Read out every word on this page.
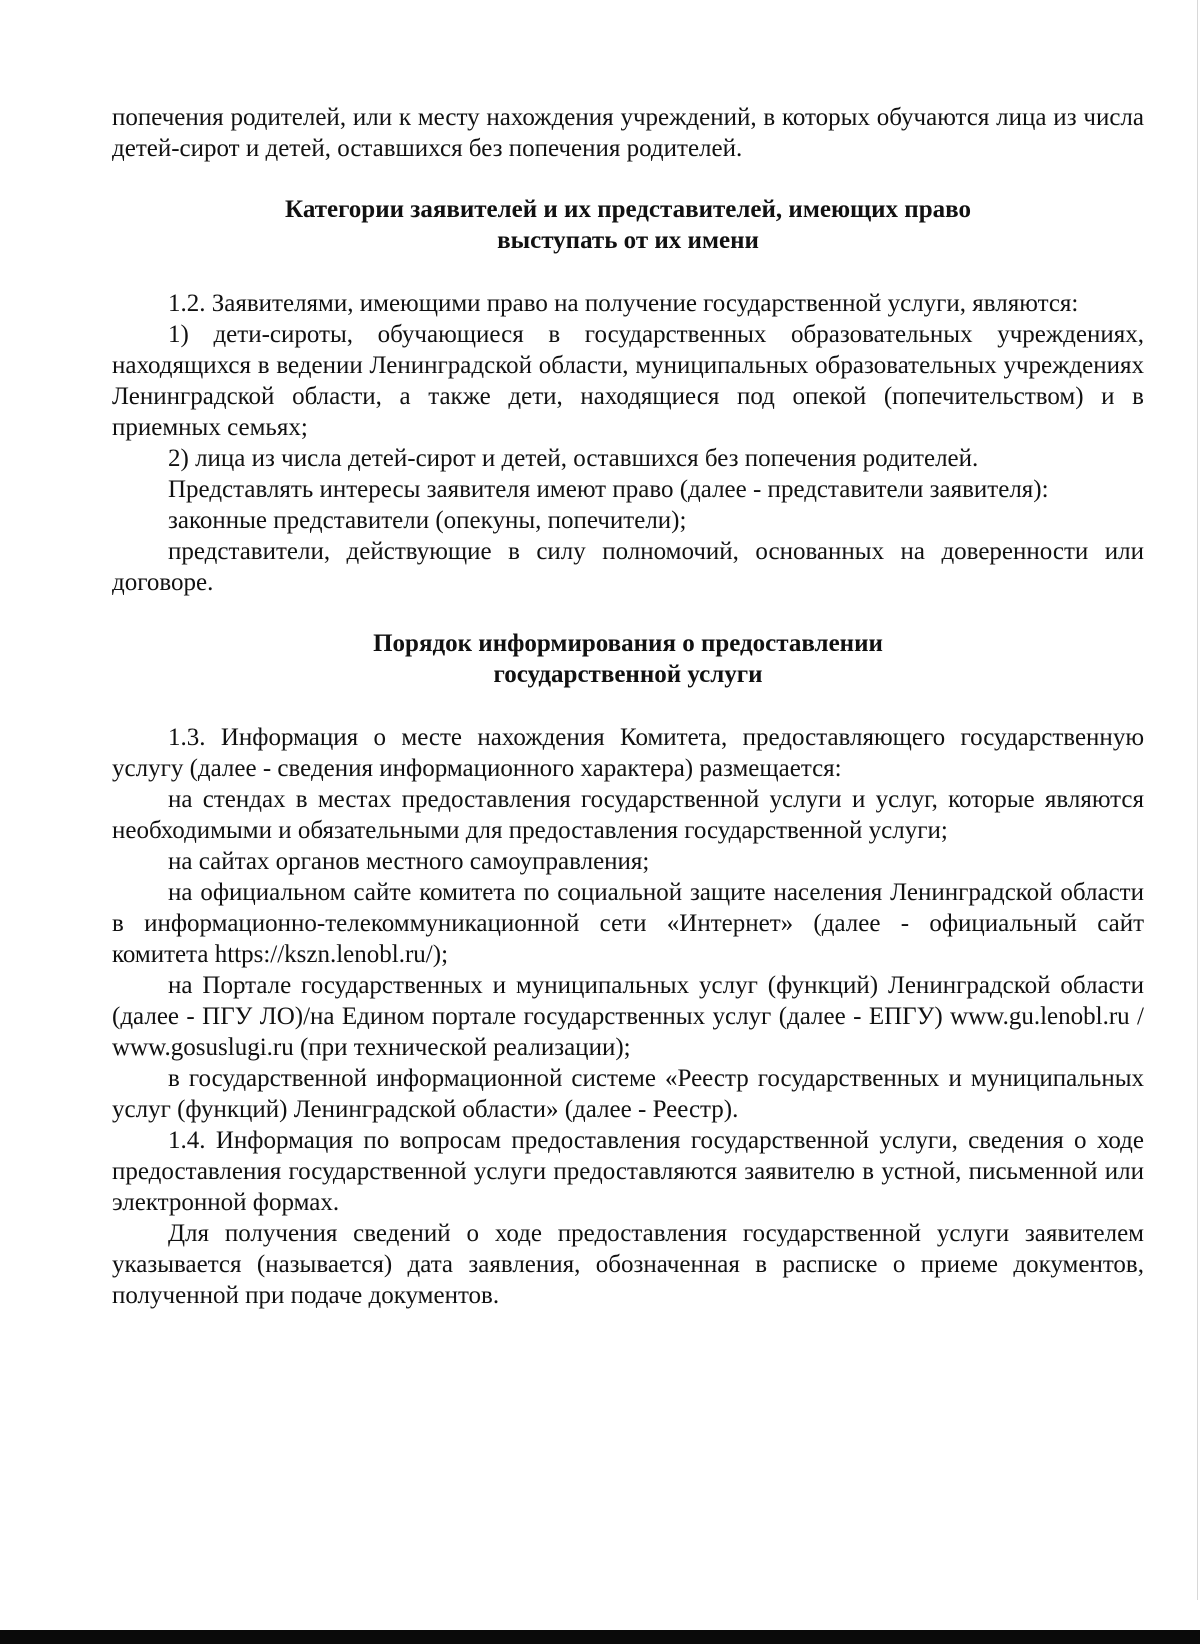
попечения родителей, или к месту нахождения учреждений, в которых обучаются лица из числа детей-сирот и детей, оставшихся без попечения родителей.

Категории заявителей и их представителей, имеющих право
выступать от их имени

1.2. Заявителями, имеющими право на получение государственной услуги, являются:

1) дети-сироты, обучающиеся в государственных образовательных учреждениях, находящихся в ведении Ленинградской области, муниципальных образовательных учреждениях Ленинградской области, а также дети, находящиеся под опекой (попечительством) и в приемных семьях;

2) лица из числа детей-сирот и детей, оставшихся без попечения родителей.

Представлять интересы заявителя имеют право (далее - представители заявителя):

законные представители (опекуны, попечители);

представители, действующие в силу полномочий, основанных на доверенности или договоре.

Порядок информирования о предоставлении
государственной услуги

1.3. Информация о месте нахождения Комитета, предоставляющего государственную услугу (далее - сведения информационного характера) размещается:

на стендах в местах предоставления государственной услуги и услуг, которые являются необходимыми и обязательными для предоставления государственной услуги;

на сайтах органов местного самоуправления;

на официальном сайте комитета по социальной защите населения Ленинградской области в информационно-телекоммуникационной сети «Интернет» (далее - официальный сайт комитета https://kszn.lenobl.ru/);

на Портале государственных и муниципальных услуг (функций) Ленинградской области (далее - ПГУ ЛО)/на Едином портале государственных услуг (далее - ЕПГУ) www.gu.lenobl.ru / www.gosuslugi.ru (при технической реализации);

в государственной информационной системе «Реестр государственных и муниципальных услуг (функций) Ленинградской области» (далее - Реестр).

1.4. Информация по вопросам предоставления государственной услуги, сведения о ходе предоставления государственной услуги предоставляются заявителю в устной, письменной или электронной формах.

Для получения сведений о ходе предоставления государственной услуги заявителем указывается (называется) дата заявления, обозначенная в расписке о приеме документов, полученной при подаче документов.
